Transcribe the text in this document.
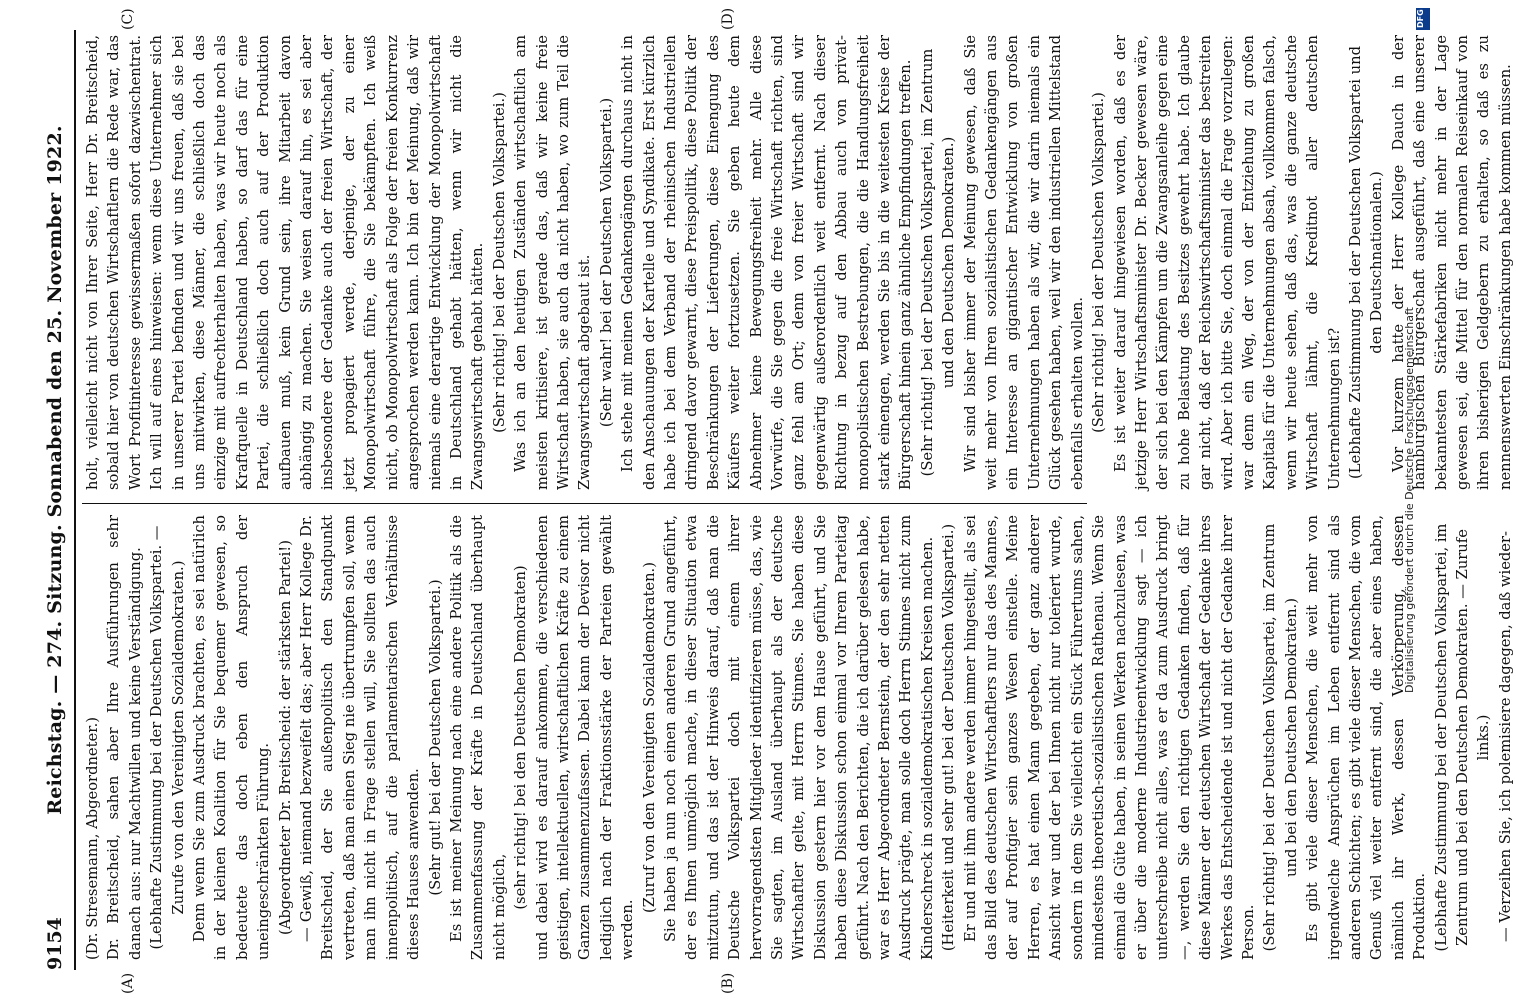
9154
Reichstag. — 274. Sitzung. Sonnabend den 25. November 1922.
(A)	(B)
(C)	(D)

(Dr. Stresemann, Abgeordneter.) Dr. Breitscheid, sahen aber Ihre Ausführungen sehr danach aus: nur Machtwillen und keine Verständigung. (Lebhafte Zustimmung bei der Deutschen Volkspartei. — Zurufe von den Vereinigten Sozialdemokraten.) Denn wenn Sie zum Ausdruck brachten, es sei natürlich in der kleinen Koalition für Sie bequemer gewesen, so bedeutete das doch eben den Anspruch der uneingeschränkten Führung. (Abgeordneter Dr. Breitscheid: der stärksten Partei!) — Gewiß, niemand bezweifelt das; aber Herr Kollege Dr. Breitscheid, der Sie außenpolitisch den Standpunkt vertreten, daß man einen Sieg nie übertrumpfen soll, wenn man ihn nicht in Frage stellen will, Sie sollten das auch innenpolitisch, auf die parlamentarischen Verhältnisse dieses Hauses anwenden. (Sehr gut! bei der Deutschen Volkspartei.) Es ist meiner Meinung nach eine andere Politik als die Zusammenfassung der Kräfte in Deutschland überhaupt nicht möglich, (sehr richtig! bei den Deutschen Demokraten) und dabei wird es darauf ankommen, die verschiedenen geistigen, intellektuellen, wirtschaftlichen Kräfte zu einem Ganzen zusammenzufassen. Dabei kann der Devisor nicht lediglich nach der Fraktionsstärke der Parteien gewählt werden.

(Zuruf von den Vereinigten Sozialdemokraten.) Sie haben ja nun noch einen anderen Grund angeführt, der es Ihnen unmöglich mache, in dieser Situation etwa mitzutun, und das ist der Hinweis darauf, daß man die Deutsche Volkspartei doch mit einem ihrer hervorragendsten Mitglieder identifizieren müsse, das, wie Sie sagten, im Ausland überhaupt als der deutsche Wirtschaftler gelte, mit Herrn Stinnes. Sie haben diese Diskussion gestern hier vor dem Hause geführt, und Sie haben diese Diskussion schon einmal vor Ihrem Parteitag geführt. Nach den Berichten, die ich darüber gelesen habe, war es Herr Abgeordneter Bernstein, der den sehr netten Ausdruck prägte, man solle doch Herrn Stinnes nicht zum Kinderschreck in sozialdemokratischen Kreisen machen. (Heiterkeit und sehr gut! bei der Deutschen Volkspartei.) Er und mit ihm andere werden immer hingestellt, als sei das Bild des deutschen Wirtschaftlers nur das des Mannes, der auf Profitgier sein ganzes Wesen einstelle. Meine Herren, es hat einen Mann gegeben, der ganz anderer Ansicht war und der bei Ihnen nicht nur toleriert wurde, sondern in dem Sie vielleicht ein Stück Führertums sahen, mindestens theoretisch-sozialistischen Rathenau. Wenn Sie einmal die Güte haben, in seinen Werken nachzulesen, was er über die moderne Industrieentwicklung sagt — ich unterschreibe nicht alles, was er da zum Ausdruck bringt —, werden Sie den richtigen Gedanken finden, daß für diese Männer der deutschen Wirtschaft der Gedanke ihres Werkes das Entscheidende ist und nicht der Gedanke ihrer Person. (Sehr richtig! bei der Deutschen Volkspartei, im Zentrum und bei den Deutschen Demokraten.) Es gibt viele dieser Menschen, die weit mehr von irgendwelche Ansprüchen im Leben entfernt sind als anderen Schichten; es gibt viele dieser Menschen, die vom Genuß viel weiter entfernt sind, die aber eines haben, nämlich ihr Werk, dessen Verkörperung, dessen Produktion. (Lebhafte Zustimmung bei der Deutschen Volkspartei, im Zentrum und bei den Deutschen Demokraten. — Zurufe links.) — Verzeihen Sie, ich polemisiere dagegen, daß wieder-

holt, vielleicht nicht von Ihrer Seite, Herr Dr. Breitscheid, sobald hier von deutschen Wirtschaftlern die Rede war, das Wort Profitinteresse gewissermaßen sofort dazwischentrat. Ich will auf eines hinweisen: wenn diese Unternehmer sich in unserer Partei befinden und wir uns freuen, daß sie bei uns mitwirken, diese Männer, die schließlich doch das einzige mit aufrechterhalten haben, was wir heute noch als Kraftquelle in Deutschland haben, so darf das für eine Partei, die schließlich doch auch auf der Produktion aufbauen muß, kein Grund sein, ihre Mitarbeit davon abhängig zu machen. Sie weisen darauf hin, es sei aber insbesondere der Gedanke auch der freien Wirtschaft, der jetzt propagiert werde, derjenige, der zu einer Monopolwirtschaft führe, die Sie bekämpften. Ich weiß nicht, ob Monopolwirtschaft als Folge der freien Konkurrenz angesprochen werden kann. Ich bin der Meinung, daß wir niemals eine derartige Entwicklung der Monopolwirtschaft in Deutschland gehabt hätten, wenn wir nicht die Zwangswirtschaft gehabt hätten. (Sehr richtig! bei der Deutschen Volkspartei.) Was ich an den heutigen Zuständen wirtschaftlich am meisten kritisiere, ist gerade das, daß wir keine freie Wirtschaft haben, sie auch da nicht haben, wo zum Teil die Zwangswirtschaft abgebaut ist. (Sehr wahr! bei der Deutschen Volkspartei.) Ich stehe mit meinen Gedankengängen durchaus nicht in den Anschauungen der Kartelle und Syndikate. Erst kürzlich habe ich bei dem Verband der rheinischen Industriellen dringend davor gewarnt, diese Preispolitik, diese Politik der Beschränkungen der Lieferungen, diese Einengung des Käufers weiter fortzusetzen. Sie geben heute dem Abnehmer keine Bewegungsfreiheit mehr. Alle diese Vorwürfe, die Sie gegen die freie Wirtschaft richten, sind ganz fehl am Ort; denn von freier Wirtschaft sind wir gegenwärtig außerordentlich weit entfernt. Nach dieser Richtung in bezug auf den Abbau auch von privat-monopolistischen Bestrebungen, die die Handlungsfreiheit stark einengen, werden Sie bis in die weitesten Kreise der Bürgerschaft hinein ganz ähnliche Empfindungen treffen. (Sehr richtig! bei der Deutschen Volkspartei, im Zentrum und den Deutschen Demokraten.) Wir sind bisher immer der Meinung gewesen, daß Sie weit mehr von Ihren sozialistischen Gedankengängen aus ein Interesse an gigantischer Entwicklung von großen Unternehmungen haben als wir, die wir darin niemals ein Glück gesehen haben, weil wir den industriellen Mittelstand ebenfalls erhalten wollen. (Sehr richtig! bei der Deutschen Volkspartei.) Es ist weiter darauf hingewiesen worden, daß es der jetzige Herr Wirtschaftsminister Dr. Becker gewesen wäre, der sich bei den Kämpfen um die Zwangsanleihe gegen eine zu hohe Belastung des Besitzes gewehrt habe. Ich glaube gar nicht, daß der Reichswirtschaftsminister das bestreiten wird. Aber ich bitte Sie, doch einmal die Frage vorzulegen: war denn ein Weg, der von der Entziehung zu großen Kapitals für die Unternehmungen absah, vollkommen falsch, wenn wir heute sehen, daß das, was die ganze deutsche Wirtschaft lähmt, die Kreditnot aller deutschen Unternehmungen ist? (Lebhafte Zustimmung bei der Deutschen Volkspartei und den Deutschnationalen.) Vor kurzem hatte der Herr Kollege Dauch in der hamburgischen Bürgerschaft ausgeführt, daß eine unserer bekanntesten Stärkefabriken nicht mehr in der Lage gewesen sei, die Mittel für den normalen Reiseinkauf von ihren bisherigen Geldgebern zu erhalten, so daß es zu nennenswerten Einschränkungen habe kommen müssen.

Digitalisierung gefördert durch die Deutsche Forschungsgemeinschaft
DFG
